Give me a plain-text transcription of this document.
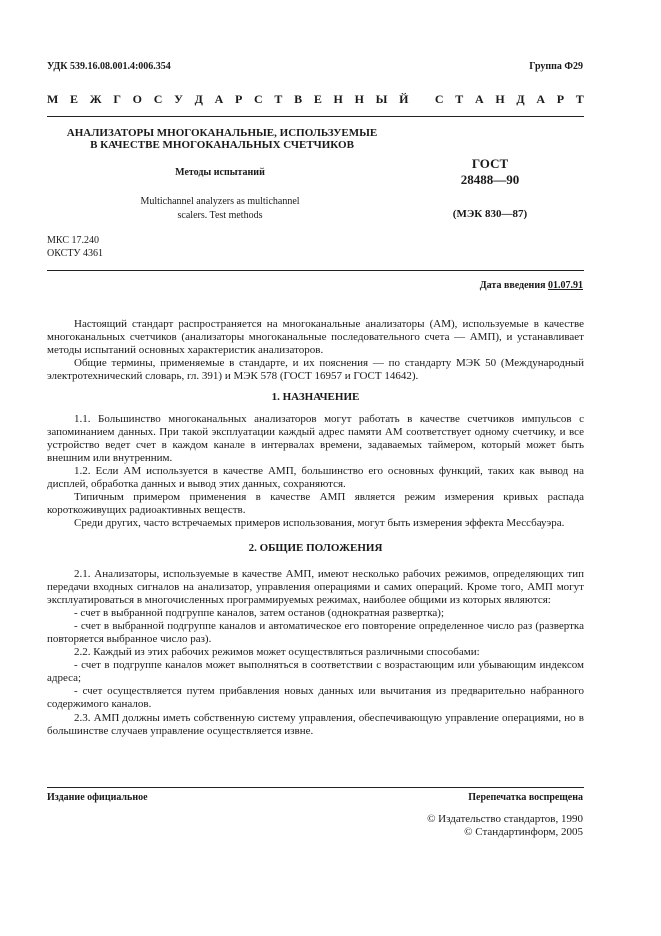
УДК 539.16.08.001.4:006.354	Группа Ф29
М Е Ж Г О С У Д А Р С Т В Е Н Н Ы Й
С Т А Н Д А Р Т
АНАЛИЗАТОРЫ МНОГОКАНАЛЬНЫЕ, ИСПОЛЬЗУЕМЫЕ
В КАЧЕСТВЕ МНОГОКАНАЛЬНЫХ СЧЕТЧИКОВ
Методы испытаний
Multichannel analyzers as multichannel
scalers. Test methods
ГОСТ
28488—90
(МЭК 830—87)
МКС 17.240
ОКСТУ 4361
Дата введения 01.07.91

Настоящий стандарт распространяется на многоканальные анализаторы (АМ), используемые в качестве многоканальных счетчиков (анализаторы многоканальные последовательного счета — АМП), и устанавливает методы испытаний основных характеристик анализаторов.

Общие термины, применяемые в стандарте, и их пояснения — по стандарту МЭК 50 (Международный электротехнический словарь, гл. 391) и МЭК 578 (ГОСТ 16957 и ГОСТ 14642).

1. НАЗНАЧЕНИЕ

1.1. Большинство многоканальных анализаторов могут работать в качестве счетчиков импульсов с запоминанием данных. При такой эксплуатации каждый адрес памяти АМ соответствует одному счетчику, и все устройство ведет счет в каждом канале в интервалах времени, задаваемых таймером, который может быть внешним или внутренним.

1.2. Если АМ используется в качестве АМП, большинство его основных функций, таких как вывод на дисплей, обработка данных и вывод этих данных, сохраняются.

Типичным примером применения в качестве АМП является режим измерения кривых распада короткоживущих радиоактивных веществ.

Среди других, часто встречаемых примеров использования, могут быть измерения эффекта Мессбауэра.

2. ОБЩИЕ ПОЛОЖЕНИЯ

2.1. Анализаторы, используемые в качестве АМП, имеют несколько рабочих режимов, определяющих тип передачи входных сигналов на анализатор, управления операциями и самих операций. Кроме того, АМП могут эксплуатироваться в многочисленных программируемых режимах, наиболее общими из которых являются:

- счет в выбранной подгруппе каналов, затем останов (однократная развертка);

- счет в выбранной подгруппе каналов и автоматическое его повторение определенное число раз (развертка повторяется выбранное число раз).

2.2. Каждый из этих рабочих режимов может осуществляться различными способами:

- счет в подгруппе каналов может выполняться в соответствии с возрастающим или убывающим индексом адреса;

- счет осуществляется путем прибавления новых данных или вычитания из предварительно набранного содержимого каналов.

2.3. АМП должны иметь собственную систему управления, обеспечивающую управление операциями, но в большинстве случаев управление осуществляется извне.

Издание официальное	Перепечатка воспрещена
© Издательство стандартов, 1990
© Стандартинформ, 2005
